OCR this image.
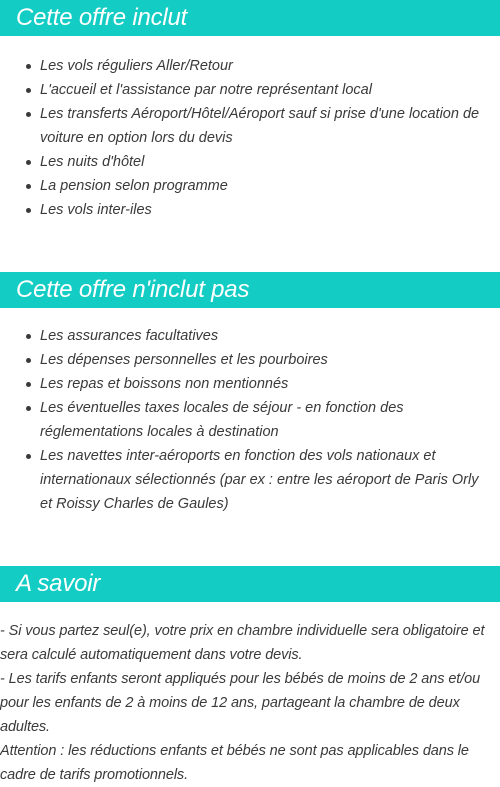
Cette offre inclut
Les vols réguliers Aller/Retour
L'accueil et l'assistance par notre représentant local
Les transferts Aéroport/Hôtel/Aéroport sauf si prise d'une location de voiture en option lors du devis
Les nuits d'hôtel
La pension selon programme
Les vols inter-iles
Cette offre n'inclut pas
Les assurances facultatives
Les dépenses personnelles et les pourboires
Les repas et boissons non mentionnés
Les éventuelles taxes locales de séjour - en fonction des réglementations locales à destination
Les navettes inter-aéroports en fonction des vols nationaux et internationaux sélectionnés (par ex : entre les aéroport de Paris Orly et Roissy Charles de Gaules)
A savoir

- Si vous partez seul(e), votre prix en chambre individuelle sera obligatoire et sera calculé automatiquement dans votre devis.

- Les tarifs enfants seront appliqués pour les bébés de moins de 2 ans et/ou pour les enfants de 2 à moins de 12 ans, partageant la chambre de deux adultes.

Attention : les réductions enfants et bébés ne sont pas applicables dans le cadre de tarifs promotionnels.
